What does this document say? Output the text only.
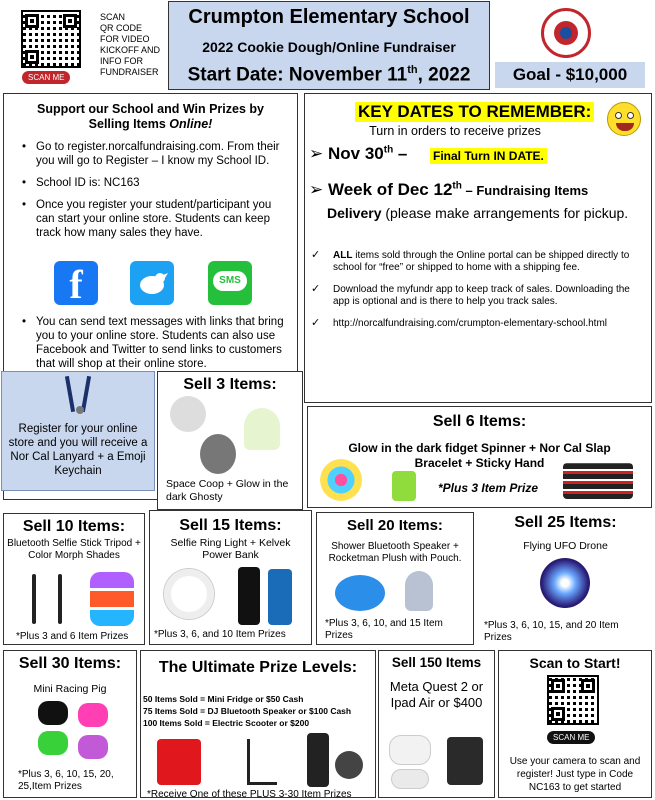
SCAN ME
SCAN
QR CODE
FOR VIDEO
KICKOFF AND
INFO FOR
FUNDRAISER
Crumpton Elementary School
2022 Cookie Dough/Online Fundraiser
Start Date: November 11th, 2022	Goal - $10,000
Support our School and Win Prizes by
Selling Items Online!
• Go to register.norcalfundraising.com. From their you will go to Register – I know my School ID.
• School ID is: NC163
• Once you register your student/participant you can start your online store. Students can keep track how many sales they have.
f	SMS
• You can send text messages with links that bring you to your online store. Students can also use Facebook and Twitter to send links to customers that will shop at their online store.
KEY DATES TO REMEMBER:
Turn in orders to receive prizes
➢ Nov 30th – Final Turn IN DATE.
➢ Week of Dec 12th – Fundraising Items
Delivery (please make arrangements for pickup.
✓ ALL items sold through the Online portal can be shipped directly to school for “free” or shipped to home with a shipping fee.
✓ Download the myfundr app to keep track of sales. Downloading the app is optional and is there to help you track sales.
✓ http://norcalfundraising.com/crumpton-elementary-school.html
Register for your online store and you will receive a Nor Cal Lanyard + a Emoji Keychain
Sell 3 Items:
Space Coop + Glow in the dark Ghosty
Sell 6 Items:
Glow in the dark fidget Spinner + Nor Cal Slap
Bracelet + Sticky Hand
*Plus 3 Item Prize
Sell 10 Items:
Bluetooth Selfie Stick Tripod + Color Morph Shades
*Plus 3 and 6 Item Prizes
Sell 15 Items:
Selfie Ring Light + Kelvek Power Bank
*Plus 3, 6, and 10 Item Prizes
Sell 20 Items:
Shower Bluetooth Speaker + Rocketman Plush with Pouch.
*Plus 3, 6, 10, and 15 Item Prizes
Sell 25 Items:
Flying UFO Drone
*Plus 3, 6, 10, 15, and 20 Item Prizes
Sell 30 Items:
Mini Racing Pig
*Plus 3, 6, 10, 15, 20, 25,Item Prizes
The Ultimate Prize Levels:
50 Items Sold = Mini Fridge or $50 Cash
75 Items Sold = DJ Bluetooth Speaker or $100 Cash
100 Items Sold = Electric Scooter or $200
*Receive One of these PLUS 3-30 Item Prizes
Sell 150 Items
Meta Quest 2 or Ipad Air or $400
Scan to Start!
SCAN ME
Use your camera to scan and register! Just type in Code NC163 to get started
